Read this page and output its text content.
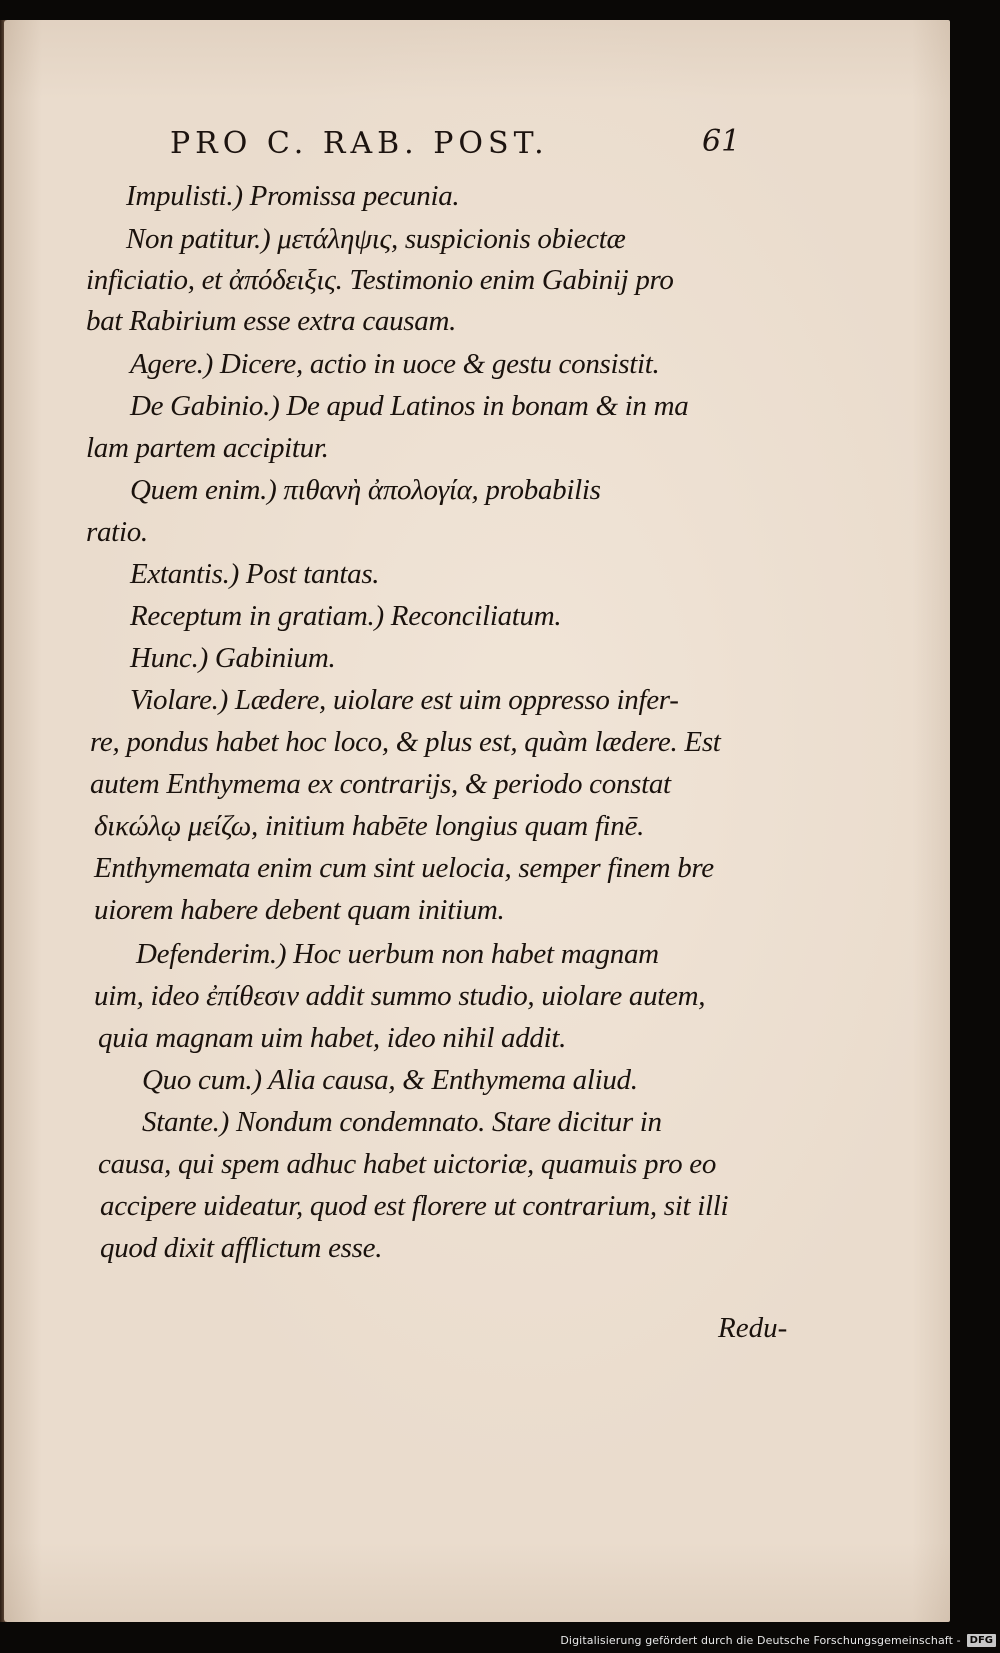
PRO C. RAB. POST.	61
Impulisti.) Promissa pecunia.
Non patitur.) μετάληψις, suspicionis obiectæ
inficiatio, et ἀπόδειξις. Testimonio enim Gabinij pro
bat Rabirium esse extra causam.
Agere.) Dicere, actio in uoce & gestu consistit.
De Gabinio.) De apud Latinos in bonam & in ma
lam partem accipitur.
Quem enim.) πιθανὴ ἀπολογία, probabilis
ratio.
Extantis.) Post tantas.
Receptum in gratiam.) Reconciliatum.
Hunc.) Gabinium.
Violare.) Lædere, uiolare est uim oppresso infer-
re, pondus habet hoc loco, & plus est, quàm lædere. Est
autem Enthymema ex contrarijs, & periodo constat
δικώλῳ μείζω, initium habēte longius quam finē.
Enthymemata enim cum sint uelocia, semper finem bre
uiorem habere debent quam initium.
Defenderim.) Hoc uerbum non habet magnam
uim, ideo ἐπίθεσιν addit summo studio, uiolare autem,
quia magnam uim habet, ideo nihil addit.
Quo cum.) Alia causa, & Enthymema aliud.
Stante.) Nondum condemnato. Stare dicitur in
causa, qui spem adhuc habet uictoriæ, quamuis pro eo
accipere uideatur, quod est florere ut contrarium, sit illi
quod dixit afflictum esse.
Redu-
Digitalisierung gefördert durch die Deutsche Forschungsgemeinschaft - DFG
